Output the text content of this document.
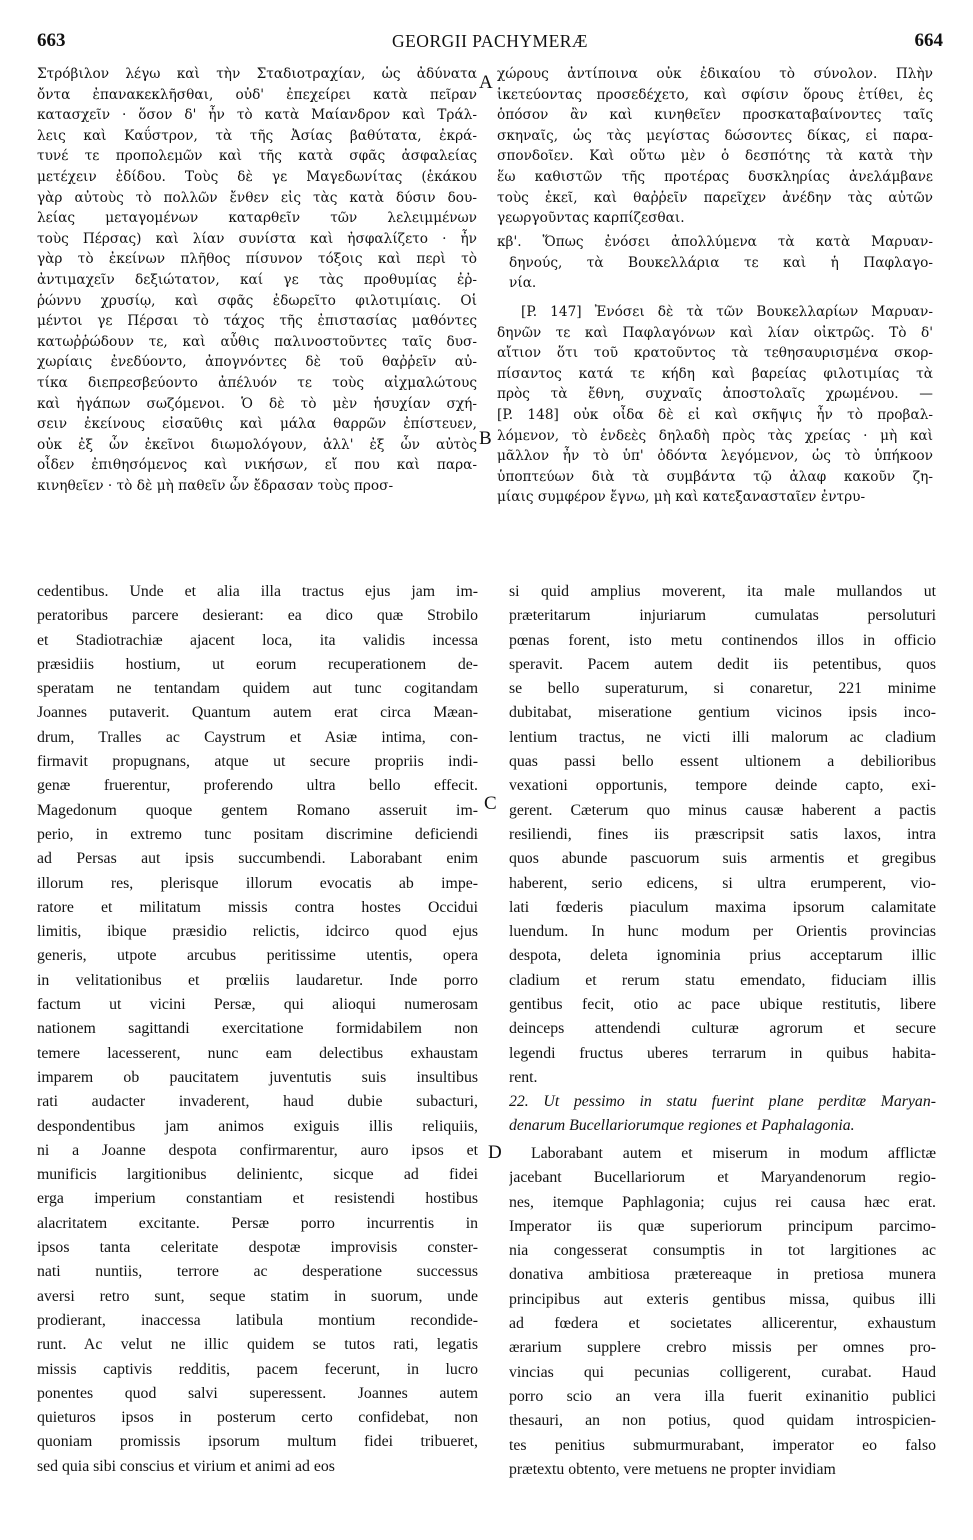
663	GEORGII PACHYMERÆ	664
Στρόβιλον λέγω καὶ τὴν Σταδιοτραχίαν, ὡς ἀδύνατα
ὄντα ἐπανακεκλῆσθαι, οὐδ' ἐπεχείρει κατὰ πεῖραν
κατασχεῖν · ὅσον δ' ἦν τὸ κατὰ Μαίανδρον καὶ Τράλ-
λεις καὶ Καΰστρον, τὰ τῆς Ἀσίας βαθύτατα, ἐκρά-
τυνέ τε προπολεμῶν καὶ τῆς κατὰ σφᾶς ἀσφαλείας
μετέχειν ἐδίδου. Τοὺς δὲ γε Μαγεδωνίτας (ἑκάκου
γὰρ αὐτοὺς τὸ πολλῶν ἔνθεν εἰς τὰς κατὰ δύσιν δου-
λείας μεταγομένων καταρθεῖν τῶν λελειμμένων
τοὺς Πέρσας) καὶ λίαν συνίστα καὶ ἠσφαλίζετο · ἦν
γὰρ τὸ ἐκείνων πλῆθος πίσυνον τόξοις καὶ περὶ τὸ
ἀντιμαχεῖν δεξιώτατον, καί γε τὰς προθυμίας ἐῤ-
ῥώννυ χρυσίῳ, καὶ σφᾶς ἐδωρεῖτο φιλοτιμίαις. Οἱ
μέντοι γε Πέρσαι τὸ τάχος τῆς ἐπιστασίας μαθόντες
κατωῤῥώδουν τε, καὶ αὖθις παλινοστοῦντες ταῖς δυσ-
χωρίαις ἐνεδύοντο, ἀπογνόντες δὲ τοῦ θαῤῥεῖν αὐ-
τίκα διεπρεσβεύοντο ἀπέλυόν τε τοὺς αἰχμαλώτους
καὶ ἠγάπων σωζόμενοι. Ὁ δὲ τὸ μὲν ἡσυχίαν σχή-
σειν ἐκείνους εἰσαῦθις καὶ μάλα θαρρῶν ἐπίστευεν,
οὐκ ἐξ ὧν ἐκεῖνοι διωμολόγουν, ἀλλ' ἐξ ὧν αὐτὸς
οἶδεν ἐπιθησόμενος καὶ νικήσων, εἴ που καὶ παρα-
κινηθεῖεν · τὸ δὲ μὴ παθεῖν ὧν ἔδρασαν τοὺς προσ-
χώρους ἀντίποινα οὐκ ἐδικαίου τὸ σύνολον. Πλὴν
ἱκετεύοντας προσεδέχετο, καὶ σφίσιν ὅρους ἐτίθει, ἐς
ὁπόσον ἂν καὶ κινηθεῖεν προσκαταβαίνοντες ταῖς
σκηναῖς, ὡς τὰς μεγίστας δώσοντες δίκας, εἰ παρα-
σπονδοῖεν. Καὶ οὕτω μὲν ὁ δεσπότης τὰ κατὰ τὴν
ἕω καθιστῶν τῆς προτέρας δυσκληρίας ἀνελάμβανε
τοὺς ἐκεῖ, καὶ θαῤῥεῖν παρεῖχεν ἀνέδην τὰς αὐτῶν
γεωργοῦντας καρπίζεσθαι.
κβ'. Ὅπως ἐνόσει ἀπολλύμενα τὰ κατὰ Μαρυαν-
δηνούς, τὰ Βουκελλάρια τε καὶ ἡ Παφλαγο-
νία.
[P. 147] Ἐνόσει δὲ τὰ τῶν Βουκελλαρίων Μαρυαν-
δηνῶν τε καὶ Παφλαγόνων καὶ λίαν οἰκτρῶς. Τὸ δ'
αἴτιον ὅτι τοῦ κρατοῦντος τὰ τεθησαυρισμένα σκορ-
πίσαντος κατά τε κήδη καὶ βαρείας φιλοτιμίας τὰ
πρὸς τὰ ἔθνη, συχναῖς ἀποστολαῖς χρωμένου. —
[P. 148] οὐκ οἶδα δὲ εἰ καὶ σκῆψις ἦν τὸ προβαλ-
λόμενον, τὸ ἐνδεὲς δηλαδὴ πρὸς τὰς χρείας · μὴ καὶ
μᾶλλον ἦν τὸ ὑπ' ὀδόντα λεγόμενον, ὡς τὸ ὑπήκοον
ὑποπτεύων διὰ τὰ συμβάντα τῷ ἀλαφ κακοῦν ζη-
μίαις συμφέρον ἔγνω, μὴ καὶ κατεξανασταῖεν ἐντρυ-
cedentibus. Unde et alia illa tractus ejus jam im-
peratoribus parcere desierant: ea dico quæ Strobilo
et Stadiotrachiæ ajacent loca, ita validis incessa
præsidiis hostium, ut eorum recuperationem de-
speratam ne tentandam quidem aut tunc cogitandam
Joannes putaverit. Quantum autem erat circa Mæan-
drum, Tralles ac Caystrum et Asiæ intima, con-
firmavit propugnans, atque ut secure propriis indi-
genæ fruerentur, proferendo ultra bello effecit.
Magedonum quoque gentem Romano asseruit im-
perio, in extremo tunc positam discrimine deficiendi
ad Persas aut ipsis succumbendi. Laborabant enim
illorum res, plerisque illorum evocatis ab impe-
ratore et militatum missis contra hostes Occidui
limitis, ibique præsidio relictis, idcirco quod ejus
generis, utpote arcubus peritissime utentis, opera
in velitationibus et prœliis laudaretur. Inde porro
factum ut vicini Persæ, qui alioqui numerosam
nationem sagittandi exercitatione formidabilem non
temere lacesserent, nunc eam delectibus exhaustam
imparem ob paucitatem juventutis suis insultibus
rati audacter invaderent, haud dubie subacturi,
despondentibus jam animos exiguis illis reliquiis,
ni a Joanne despota confirmarentur, auro ipsos et
munificis largitionibus delinientc, sicque ad fidei
erga imperium constantiam et resistendi hostibus
alacritatem excitante. Persæ porro incurrentis in
ipsos tanta celeritate despotæ improvisis conster-
nati nuntiis, terrore ac desperatione successus
aversi retro sunt, seque statim in suorum, unde
prodierant, inaccessa latibula montium recondide-
runt. Ac velut ne illic quidem se tutos rati, legatis
missis captivis redditis, pacem fecerunt, in lucro
ponentes quod salvi superessent. Joannes autem
quieturos ipsos in posterum certo confidebat, non
quoniam promissis ipsorum multum fidei tribueret,
sed quia sibi conscius et virium et animi ad eos
si quid amplius moverent, ita male mullandos ut
præteritarum injuriarum cumulatas persoluturi
pœnas forent, isto metu continendos illos in officio
speravit. Pacem autem dedit iis petentibus, quos
se bello superaturum, si conaretur, 221 minime
dubitabat, miseratione gentium vicinos ipsis inco-
lentium tractus, ne victi illi malorum ac cladium
quas passi bello essent ultionem a debilioribus
vexationi opportunis, tempore deinde capto, exi-
gerent. Cæterum quo minus causæ haberent a pactis
resiliendi, fines iis præscripsit satis laxos, intra
quos abunde pascuorum suis armentis et gregibus
haberent, serio edicens, si ultra erumperent, vio-
lati fœderis piaculum maxima ipsorum calamitate
luendum. In hunc modum per Orientis provincias
despota, deleta ignominia prius acceptarum illic
cladium et rerum statu emendato, fiduciam illis
gentibus fecit, otio ac pace ubique restitutis, libere
deinceps attendendi culturæ agrorum et secure
legendi fructus uberes terrarum in quibus habita-
rent.
22. Ut pessimo in statu fuerint plane perditæ Maryan-
denarum Bucellariorumque regiones et Paphalagonia.
Laborabant autem et miserum in modum afflictæ
jacebant Bucellariorum et Maryandenorum regio-
nes, itemque Paphlagonia; cujus rei causa hæc erat.
Imperator iis quæ superiorum principum parcimo-
nia congesserat consumptis in tot largitiones ac
donativa ambitiosa prætereaque in pretiosa munera
principibus aut exteris gentibus missa, quibus illi
ad fœdera et societates allicerentur, exhaustum
ærarium supplere crebro missis per omnes pro-
vincias qui pecunias colligerent, curabat. Haud
porro scio an vera illa fuerit exinanitio publici
thesauri, an non potius, quod quidam introspicien-
tes penitius submurmurabant, imperator eo falso
prætextu obtento, vere metuens ne propter invidiam
A
B
C
D
